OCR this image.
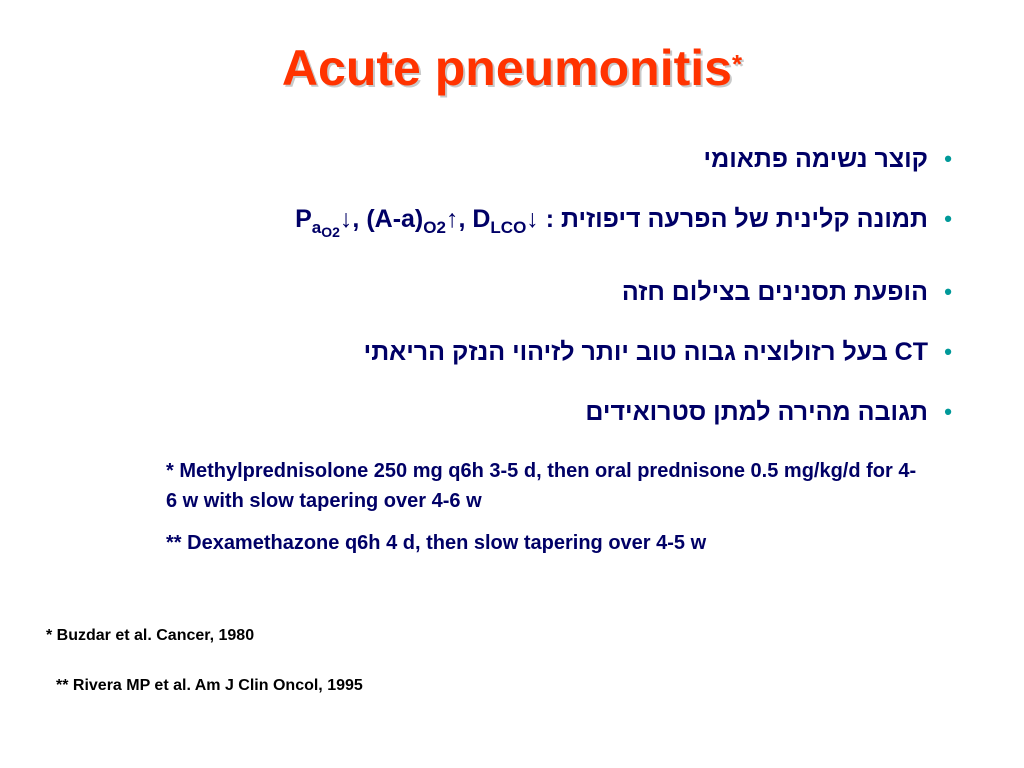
Acute pneumonitis*
•
קוצר נשימה פתאומי
•
תמונה קלינית של הפרעה דיפוזית : $P_{a_{O2}}↓$, $(A-a)_{O2}↑$, $D_{LCO}↓$
•
הופעת תסנינים בצילום חזה
•
CT בעל רזולוציה גבוה טוב יותר לזיהוי הנזק הריאתי
•
תגובה מהירה למתן סטרואידים

* Methylprednisolone 250 mg q6h 3-5 d, then oral prednisone 0.5 mg/kg/d for 4-6 w with slow tapering over 4-6 w

** Dexamethazone q6h 4 d, then slow tapering over 4-5 w

* Buzdar et al. Cancer, 1980
** Rivera MP et al. Am J Clin Oncol, 1995
